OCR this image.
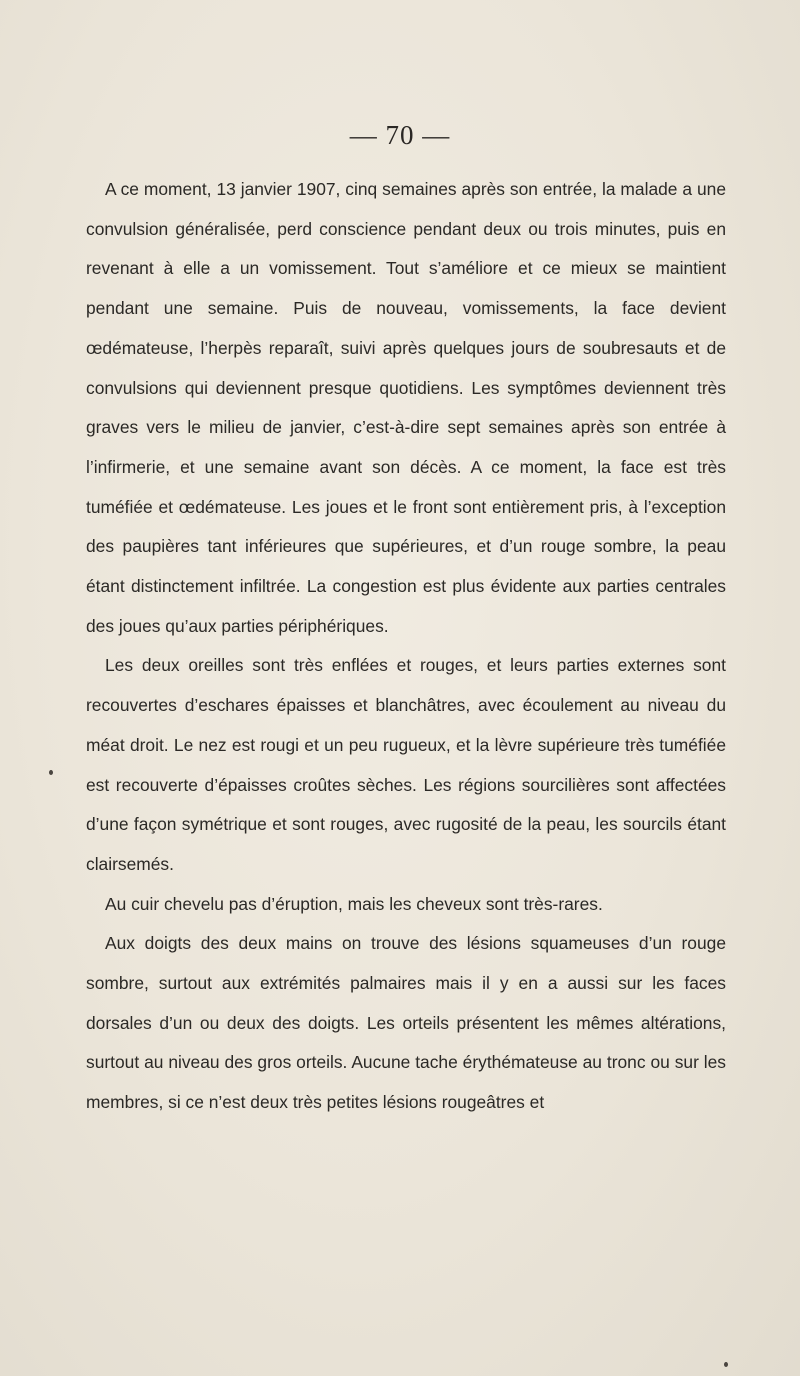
— 70 —

A ce moment, 13 janvier 1907, cinq semaines après son entrée, la malade a une convulsion généralisée, perd conscience pendant deux ou trois minutes, puis en revenant à elle a un vomissement. Tout s’améliore et ce mieux se maintient pendant une semaine. Puis de nouveau, vomissements, la face devient œdémateuse, l’herpès reparaît, suivi après quelques jours de soubresauts et de convulsions qui deviennent presque quotidiens. Les symptômes deviennent très graves vers le milieu de janvier, c’est-à-dire sept semaines après son entrée à l’infirmerie, et une semaine avant son décès. A ce moment, la face est très tuméfiée et œdémateuse. Les joues et le front sont entièrement pris, à l’exception des paupières tant inférieures que supérieures, et d’un rouge sombre, la peau étant distinctement infiltrée. La congestion est plus évidente aux parties centrales des joues qu’aux parties périphériques.

Les deux oreilles sont très enflées et rouges, et leurs parties externes sont recouvertes d’eschares épaisses et blanchâtres, avec écoulement au niveau du méat droit. Le nez est rougi et un peu rugueux, et la lèvre supérieure très tuméfiée est recouverte d’épaisses croûtes sèches. Les régions sourcilières sont affectées d’une façon symétrique et sont rouges, avec rugosité de la peau, les sourcils étant clairsemés.

Au cuir chevelu pas d’éruption, mais les cheveux sont très-rares.

Aux doigts des deux mains on trouve des lésions squameuses d’un rouge sombre, surtout aux extrémités palmaires mais il y en a aussi sur les faces dorsales d’un ou deux des doigts. Les orteils présentent les mêmes altérations, surtout au niveau des gros orteils. Aucune tache érythémateuse au tronc ou sur les membres, si ce n’est deux très petites lésions rougeâtres et
